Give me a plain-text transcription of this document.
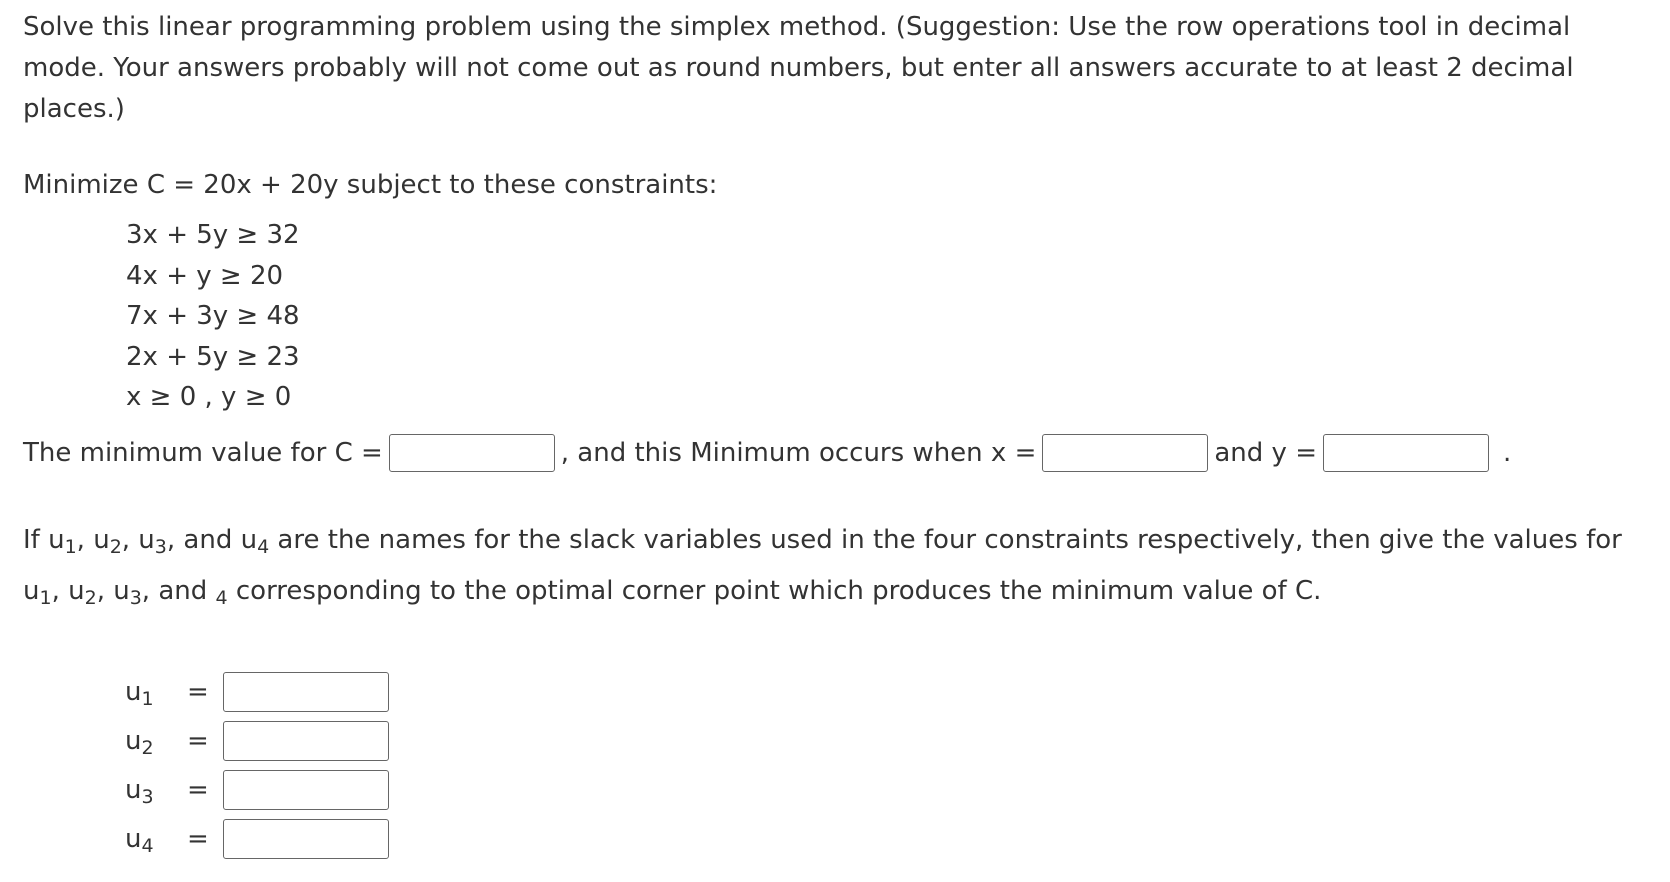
Solve this linear programming problem using the simplex method. (Suggestion: Use the row operations tool in decimal mode. Your answers probably will not come out as round numbers, but enter all answers accurate to at least 2 decimal places.)

Minimize C = 20x + 20y subject to these constraints:

3x + 5y ≥ 32
4x + y ≥ 20
7x + 3y ≥ 48
2x + 5y ≥ 23
x ≥ 0 , y ≥ 0
The minimum value for C =	, and this Minimum occurs when x =	and y =	.

If $u_1$, $u_2$, $u_3$, and $u_4$ are the names for the slack variables used in the four constraints respectively, then give the values for $u_1$, $u_2$, $u_3$, and $_4$ corresponding to the optimal corner point which produces the minimum value of C.

$u_1$	=
$u_2$	=
$u_3$	=
$u_4$	=
